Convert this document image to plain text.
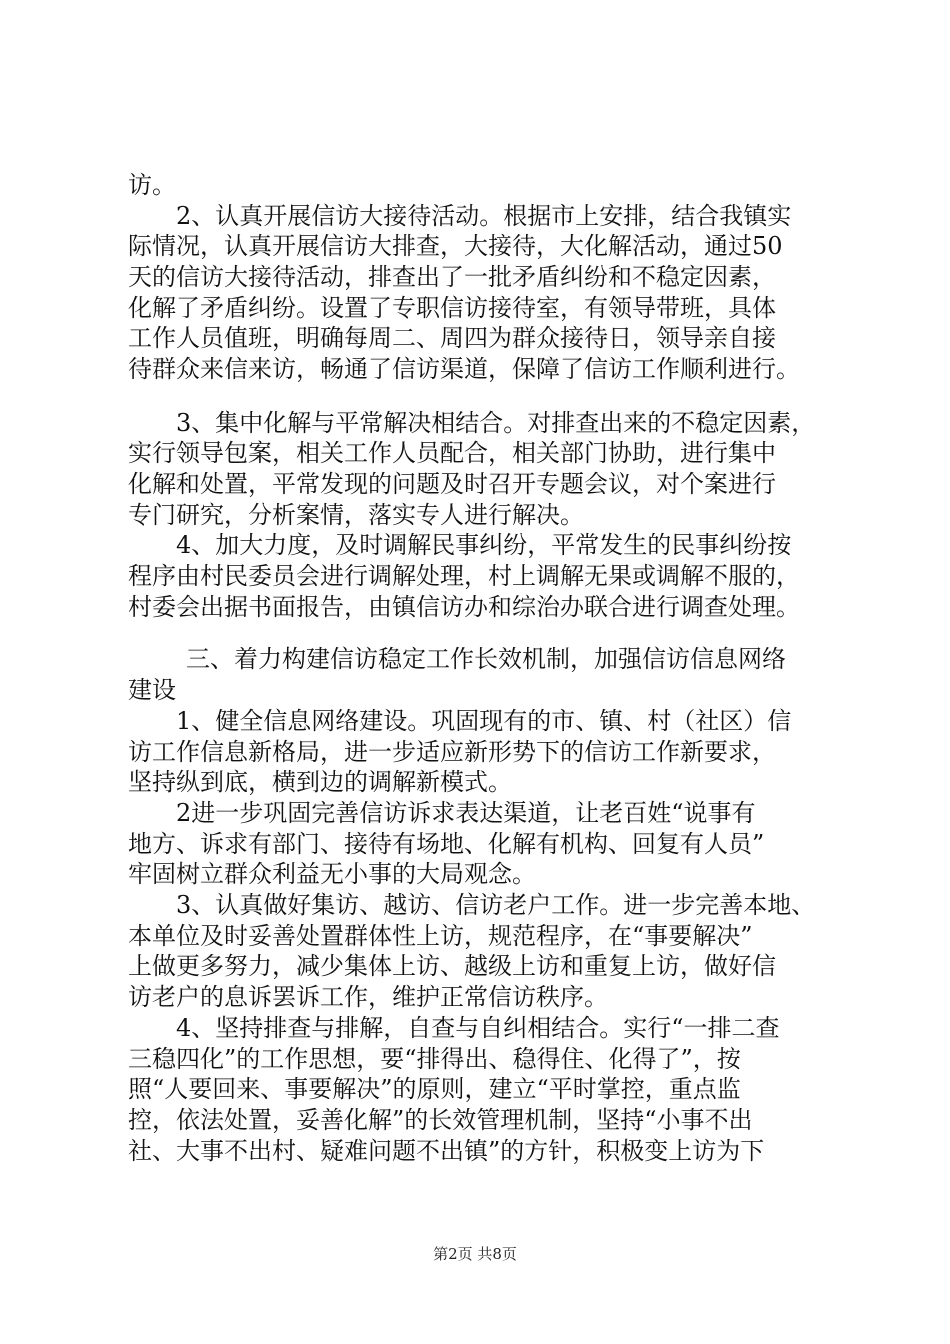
访。

2、认真开展信访大接待活动。根据市上安排，结合我镇实

际情况，认真开展信访大排查，大接待，大化解活动，通过50

天的信访大接待活动，排查出了一批矛盾纠纷和不稳定因素，

化解了矛盾纠纷。设置了专职信访接待室，有领导带班，具体

工作人员值班，明确每周二、周四为群众接待日，领导亲自接

待群众来信来访，畅通了信访渠道，保障了信访工作顺利进行。

3、集中化解与平常解决相结合。对排查出来的不稳定因素，

实行领导包案，相关工作人员配合，相关部门协助，进行集中

化解和处置，平常发现的问题及时召开专题会议，对个案进行

专门研究，分析案情，落实专人进行解决。

4、加大力度，及时调解民事纠纷，平常发生的民事纠纷按

程序由村民委员会进行调解处理，村上调解无果或调解不服的，

村委会出据书面报告，由镇信访办和综治办联合进行调查处理。

三、着力构建信访稳定工作长效机制，加强信访信息网络

建设

1、健全信息网络建设。巩固现有的市、镇、村（社区）信

访工作信息新格局，进一步适应新形势下的信访工作新要求，

坚持纵到底，横到边的调解新模式。

2进一步巩固完善信访诉求表达渠道，让老百姓“说事有

地方、诉求有部门、接待有场地、化解有机构、回复有人员”

牢固树立群众利益无小事的大局观念。

3、认真做好集访、越访、信访老户工作。进一步完善本地、

本单位及时妥善处置群体性上访，规范程序，在“事要解决”

上做更多努力，减少集体上访、越级上访和重复上访，做好信

访老户的息诉罢诉工作，维护正常信访秩序。

4、坚持排查与排解，自查与自纠相结合。实行“一排二查

三稳四化”的工作思想，要“排得出、稳得住、化得了”，按

照“人要回来、事要解决”的原则，建立“平时掌控，重点监

控，依法处置，妥善化解”的长效管理机制，坚持“小事不出

社、大事不出村、疑难问题不出镇”的方针，积极变上访为下

第2页 共8页
